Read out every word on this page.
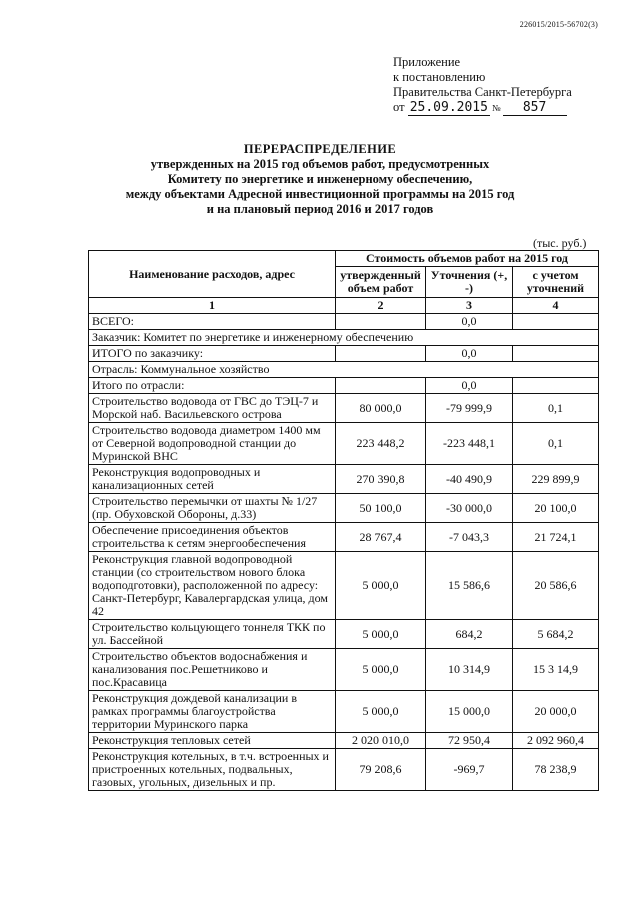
226015/2015-56702(3)
Приложение
к постановлению
Правительства Санкт-Петербурга
от
25.09.2015 №	857
ПЕРЕРАСПРЕДЕЛЕНИЕ
утвержденных на 2015 год объемов работ, предусмотренных
Комитету по энергетике и инженерному обеспечению,
между объектами Адресной инвестиционной программы на 2015 год
и на плановый период 2016 и 2017 годов
(тыс. руб.)
Наименование расходов, адрес	Стоимость объемов работ на 2015 год		
	утвержденный объем работ	Уточнения (+, -)	с учетом уточнений
1	2	3	4
ВСЕГО:		0,0	
Заказчик: Комитет по энергетике и инженерному обеспечению			
ИТОГО по заказчику:		0,0	
Отрасль: Коммунальное хозяйство			
Итого по отрасли:		0,0	
Строительство водовода от ГВС до ТЭЦ-7 и Морской наб. Васильевского острова	80 000,0	-79 999,9	0,1
Строительство водовода диаметром 1400 мм от Северной водопроводной станции до Муринской ВНС	223 448,2	-223 448,1	0,1
Реконструкция водопроводных и канализационных сетей	270 390,8	-40 490,9	229 899,9
Строительство перемычки от шахты № 1/27 (пр. Обуховской Обороны, д.33)	50 100,0	-30 000,0	20 100,0
Обеспечение присоединения объектов строительства к сетям энергообеспечения	28 767,4	-7 043,3	21 724,1
Реконструкция главной водопроводной станции (со строительством нового блока водоподготовки), расположенной по адресу: Санкт-Петербург, Кавалергардская улица, дом 42	5 000,0	15 586,6	20 586,6
Строительство кольцующего тоннеля ТКК по ул. Бассейной	5 000,0	684,2	5 684,2
Строительство объектов водоснабжения и канализования пос.Решетниково и пос.Красавица	5 000,0	10 314,9	15 3 14,9
Реконструкция дождевой канализации в рамках программы благоустройства территории Муринского парка	5 000,0	15 000,0	20 000,0
Реконструкция тепловых сетей	2 020 010,0	72 950,4	2 092 960,4
Реконструкция котельных, в т.ч. встроенных и пристроенных котельных, подвальных, газовых, угольных, дизельных и пр.	79 208,6	-969,7	78 238,9
